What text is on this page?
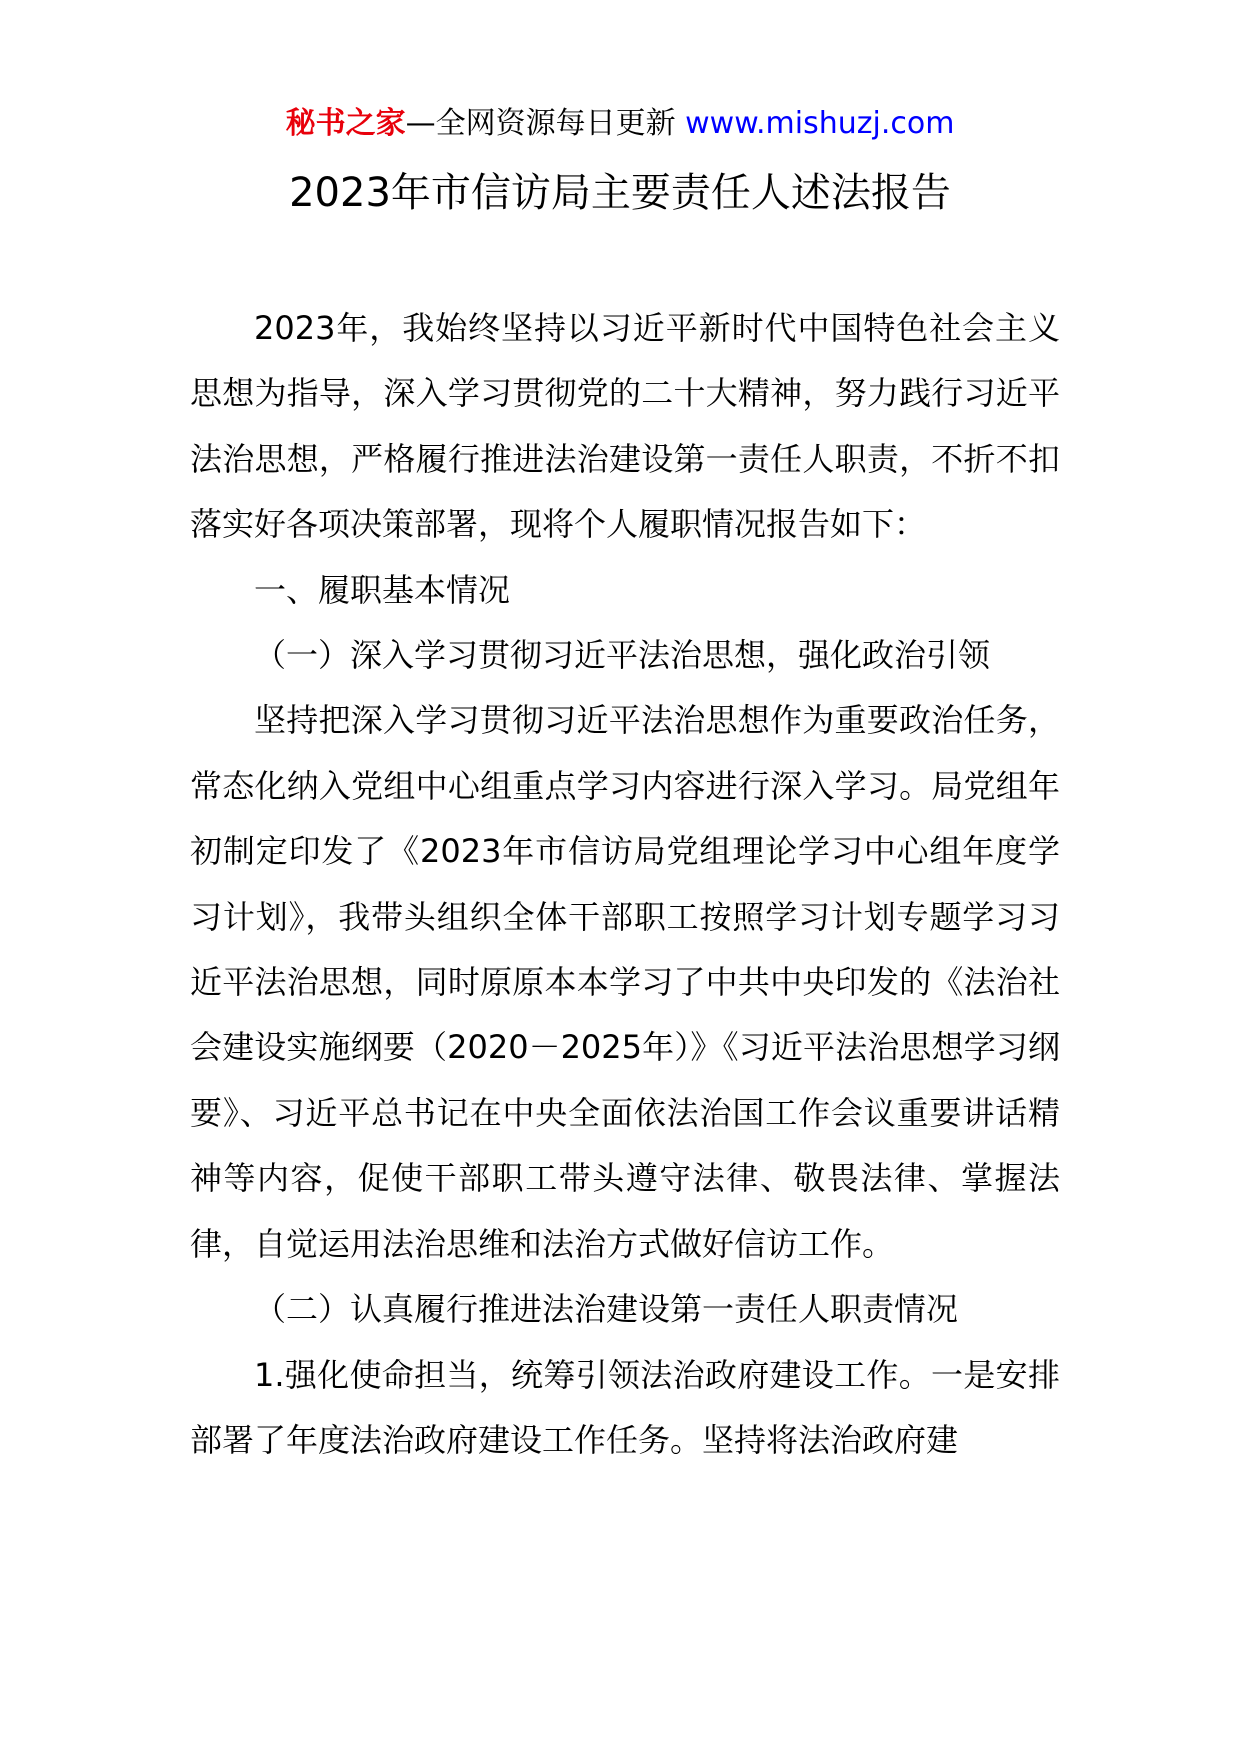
秘书之家—全网资源每日更新 www.mishuzj.com
2023年市信访局主要责任人述法报告

2023年，我始终坚持以习近平新时代中国特色社会主义思想为指导，深入学习贯彻党的二十大精神，努力践行习近平法治思想，严格履行推进法治建设第一责任人职责，不折不扣落实好各项决策部署，现将个人履职情况报告如下：

一、履职基本情况

（一）深入学习贯彻习近平法治思想，强化政治引领

坚持把深入学习贯彻习近平法治思想作为重要政治任务，常态化纳入党组中心组重点学习内容进行深入学习。局党组年初制定印发了《2023年市信访局党组理论学习中心组年度学习计划》，我带头组织全体干部职工按照学习计划专题学习习近平法治思想，同时原原本本学习了中共中央印发的《法治社会建设实施纲要（2020－2025年）》《习近平法治思想学习纲要》、习近平总书记在中央全面依法治国工作会议重要讲话精神等内容，促使干部职工带头遵守法律、敬畏法律、掌握法律，自觉运用法治思维和法治方式做好信访工作。

（二）认真履行推进法治建设第一责任人职责情况

1.强化使命担当，统筹引领法治政府建设工作。一是安排部署了年度法治政府建设工作任务。坚持将法治政府建
